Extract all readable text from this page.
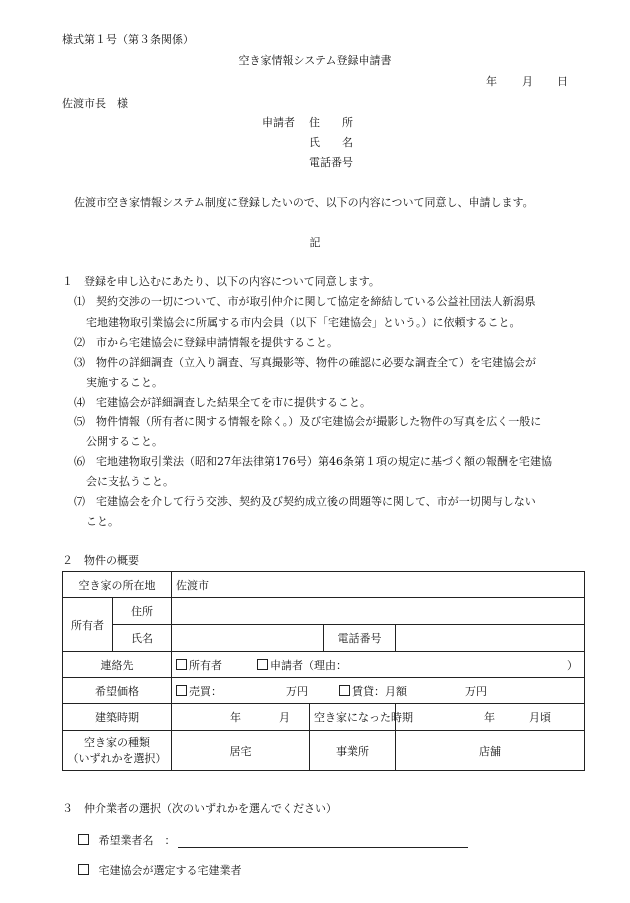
様式第１号（第３条関係）
空き家情報システム登録申請書
年 月 日
佐渡市長　様
申請者 住　　所
氏　　名
電話番号
佐渡市空き家情報システム制度に登録したいので、以下の内容について同意し、申請します。
記
１　登録を申し込むにあたり、以下の内容について同意します。
⑴　 契約交渉の一切について、市が取引仲介に関して協定を締結している公益社団法人新潟県
宅地建物取引業協会に所属する市内会員（以下「宅建協会」という。）に依頼すること。
⑵　 市から宅建協会に登録申請情報を提供すること。
⑶　 物件の詳細調査（立入り調査、写真撮影等、物件の確認に必要な調査全て）を宅建協会が
実施すること。
⑷　 宅建協会が詳細調査した結果全てを市に提供すること。
⑸　 物件情報（所有者に関する情報を除く。）及び宅建協会が撮影した物件の写真を広く一般に
公開すること。
⑹　 宅地建物取引業法（昭和27年法律第176号）第46条第１項の規定に基づく額の報酬を宅建協
会に支払うこと。
⑺　 宅建協会を介して行う交渉、契約及び契約成立後の問題等に関して、市が一切関与しない
こと。
２　物件の概要
空き家の所在地		佐渡市			
所有者	住所				
	氏名			電話番号	
連絡先		所有者 申請者（理由： ）			

希望価格		売買： 万円 賃貸：月額 万円			
建築時期		年 月	空き家になった時期		年 月頃

空き家の種類
（いずれかを選択）		居宅	事業所		店舗
３　仲介業者の選択（次のいずれかを選んでください）
希望業者名　：
宅建協会が選定する宅建業者
